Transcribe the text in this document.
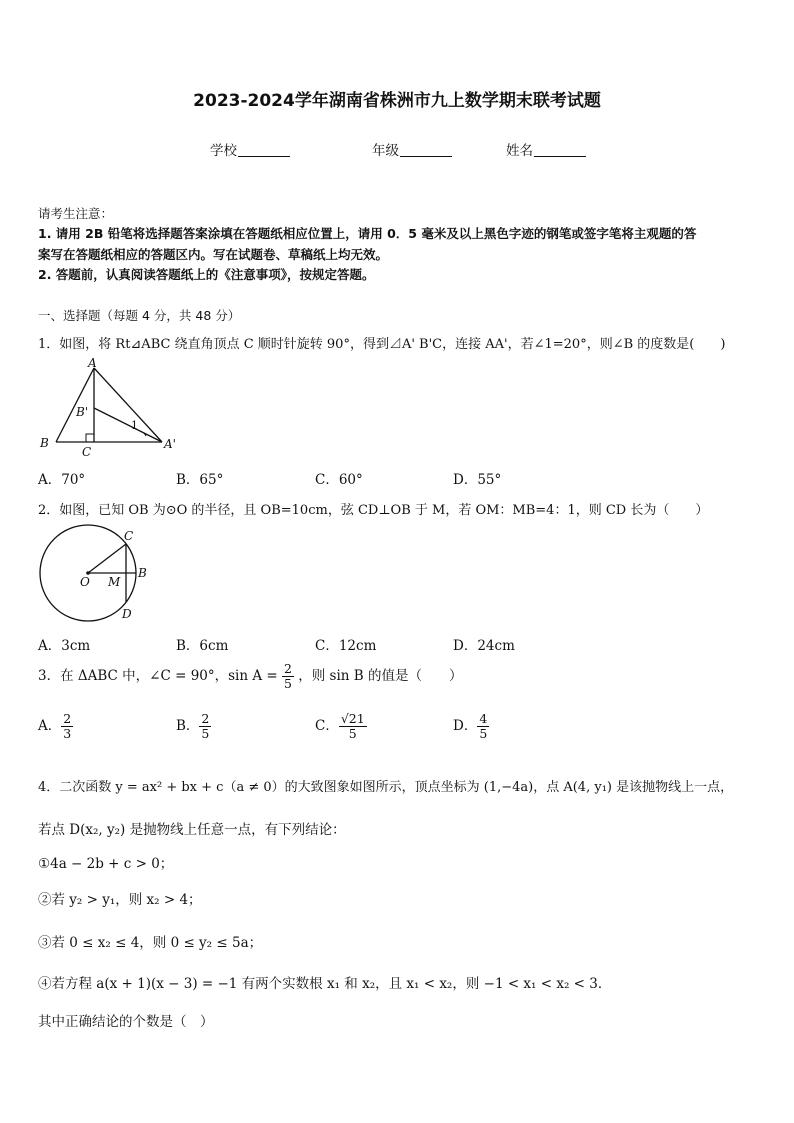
2023-2024学年湖南省株洲市九上数学期末联考试题
学校	年级	姓名
请考生注意：
1. 请用 2B 铅笔将选择题答案涂填在答题纸相应位置上，请用 0．5 毫米及以上黑色字迹的钢笔或签字笔将主观题的答
案写在答题纸相应的答题区内。写在试题卷、草稿纸上均无效。
2. 答题前，认真阅读答题纸上的《注意事项》，按规定答题。
一、选择题（每题 4 分，共 48 分）
1．如图，将 Rt⊿ABC 绕直角顶点 C 顺时针旋转 90°，得到⊿A' B'C，连接 AA'，若∠1=20°，则∠B 的度数是(　　)
A
B'
B
C
A'
1
A．70°	B．65°	C．60°	D．55°
2．如图，已知 OB 为⊙O 的半径，且 OB=10cm，弦 CD⊥OB 于 M，若 OM：MB=4：1，则 CD 长为（　　）
C
O M
B
D
A．3cm	B．6cm	C．12cm	D．24cm
3．在 ΔABC 中，∠C = 90°，$\sin A = \frac{2}{5}$ ，则 sin B 的值是（　　）
A． $\frac{2}{3}$	B． $\frac{2}{5}$	C． $\frac{√21}{5}$	D． $\frac{4}{5}$
4．二次函数 y = ax² + bx + c（a ≠ 0）的大致图象如图所示，顶点坐标为 (1,−4a)，点 A(4, y₁) 是该抛物线上一点，
若点 D(x₂, y₂) 是抛物线上任意一点，有下列结论：
①4a − 2b + c > 0；
②若 y₂ > y₁，则 x₂ > 4；
③若 0 ≤ x₂ ≤ 4，则 0 ≤ y₂ ≤ 5a；
④若方程 a(x + 1)(x − 3) = −1 有两个实数根 x₁ 和 x₂，且 x₁ < x₂，则 −1 < x₁ < x₂ < 3．
其中正确结论的个数是（　）
